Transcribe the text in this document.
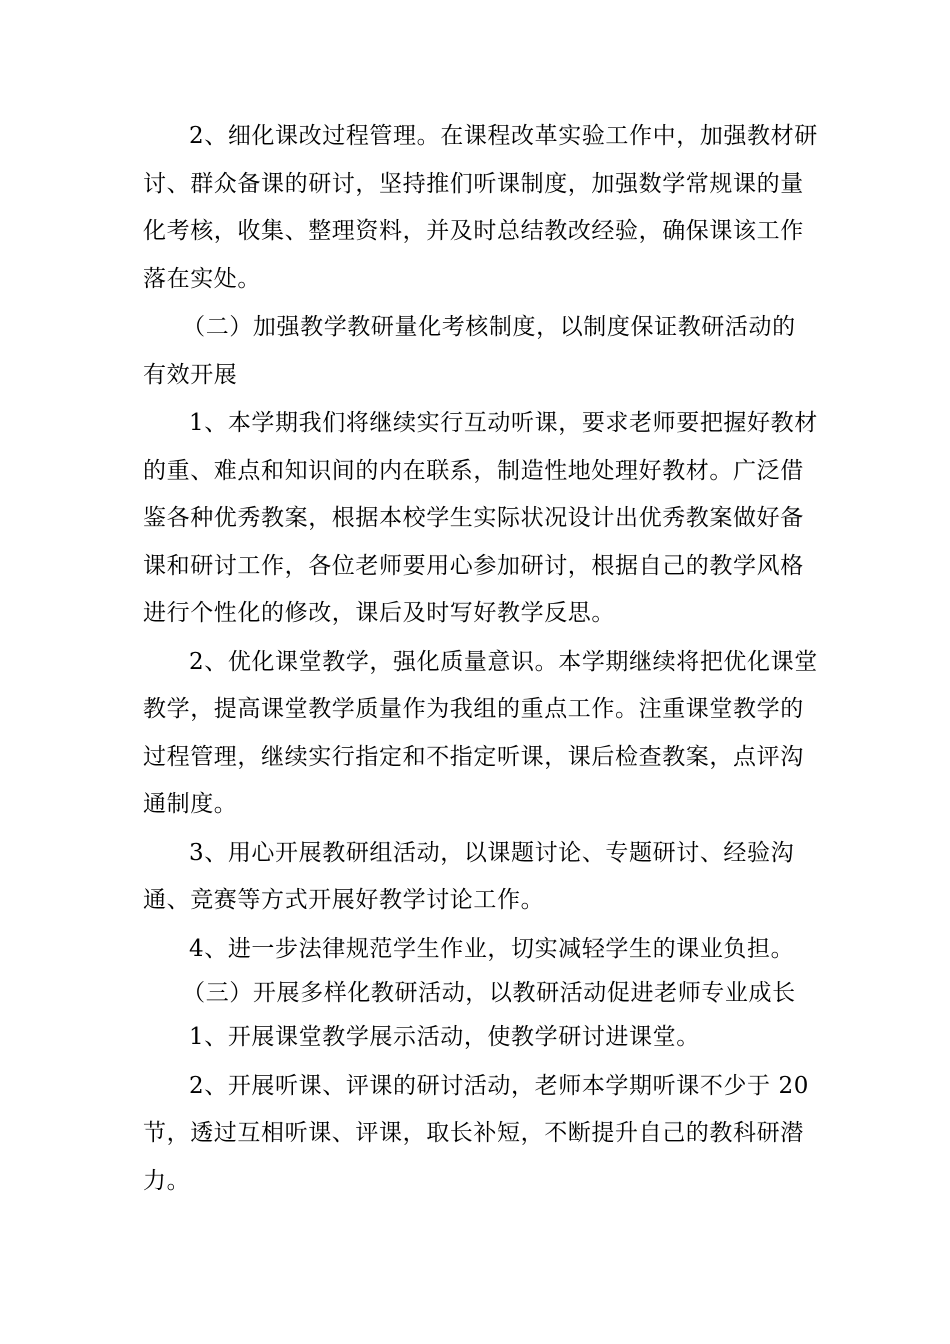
2、细化课改过程管理。在课程改革实验工作中，加强教材研
讨、群众备课的研讨，坚持推们听课制度，加强数学常规课的量
化考核，收集、整理资料，并及时总结教改经验，确保课该工作
落在实处。
（二）加强教学教研量化考核制度，以制度保证教研活动的
有效开展
1、本学期我们将继续实行互动听课，要求老师要把握好教材
的重、难点和知识间的内在联系，制造性地处理好教材。广泛借
鉴各种优秀教案，根据本校学生实际状况设计出优秀教案做好备
课和研讨工作，各位老师要用心参加研讨，根据自己的教学风格
进行个性化的修改，课后及时写好教学反思。
2、优化课堂教学，强化质量意识。本学期继续将把优化课堂
教学，提高课堂教学质量作为我组的重点工作。注重课堂教学的
过程管理，继续实行指定和不指定听课，课后检查教案，点评沟
通制度。
3、用心开展教研组活动，以课题讨论、专题研讨、经验沟
通、竞赛等方式开展好教学讨论工作。
4、进一步法律规范学生作业，切实减轻学生的课业负担。
（三）开展多样化教研活动，以教研活动促进老师专业成长
1、开展课堂教学展示活动，使教学研讨进课堂。
2、开展听课、评课的研讨活动，老师本学期听课不少于 20
节，透过互相听课、评课，取长补短，不断提升自己的教科研潜
力。
